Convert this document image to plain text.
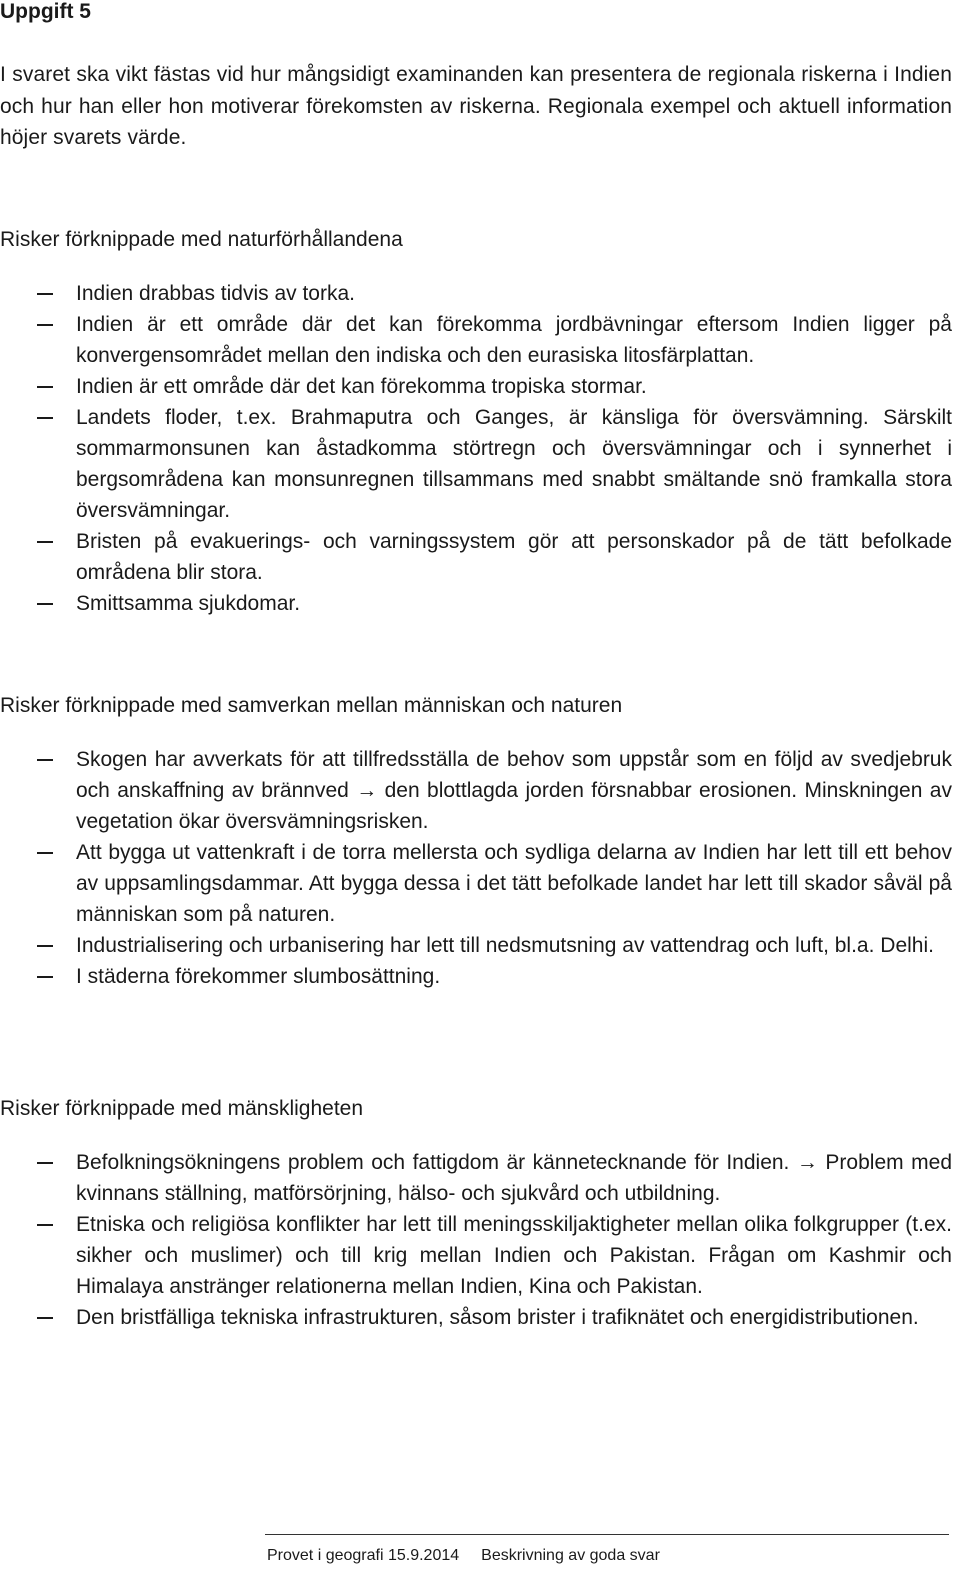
Uppgift 5

I svaret ska vikt fästas vid hur mångsidigt examinanden kan presentera de regionala riskerna i Indien och hur han eller hon motiverar förekomsten av riskerna. Regionala exempel och aktuell information höjer svarets värde.

Risker förknippade med naturförhållandena
Indien drabbas tidvis av torka.
Indien är ett område där det kan förekomma jordbävningar eftersom Indien ligger på konvergensområdet mellan den indiska och den eurasiska litosfärplattan.
Indien är ett område där det kan förekomma tropiska stormar.
Landets floder, t.ex. Brahmaputra och Ganges, är känsliga för översvämning. Särskilt sommarmonsunen kan åstadkomma störtregn och översvämningar och i synnerhet i bergsområdena kan monsunregnen tillsammans med snabbt smältande snö framkalla stora översvämningar.
Bristen på evakuerings- och varningssystem gör att personskador på de tätt befolkade områdena blir stora.
Smittsamma sjukdomar.
Risker förknippade med samverkan mellan människan och naturen
Skogen har avverkats för att tillfredsställa de behov som uppstår som en följd av svedjebruk och anskaffning av brännved → den blottlagda jorden försnabbar erosionen. Minskningen av vegetation ökar översvämningsrisken.
Att bygga ut vattenkraft i de torra mellersta och sydliga delarna av Indien har lett till ett behov av uppsamlingsdammar. Att bygga dessa i det tätt befolkade landet har lett till skador såväl på människan som på naturen.
Industrialisering och urbanisering har lett till nedsmutsning av vattendrag och luft, bl.a. Delhi.
I städerna förekommer slumbosättning.
Risker förknippade med mänskligheten
Befolkningsökningens problem och fattigdom är kännetecknande för Indien. → Problem med kvinnans ställning, matförsörjning, hälso- och sjukvård och utbildning.
Etniska och religiösa konflikter har lett till meningsskiljaktigheter mellan olika folkgrupper (t.ex. sikher och muslimer) och till krig mellan Indien och Pakistan. Frågan om Kashmir och Himalaya anstränger relationerna mellan Indien, Kina och Pakistan.
Den bristfälliga tekniska infrastrukturen, såsom brister i trafiknätet och energidistributionen.
Provet i geografi 15.9.2014 Beskrivning av goda svar
